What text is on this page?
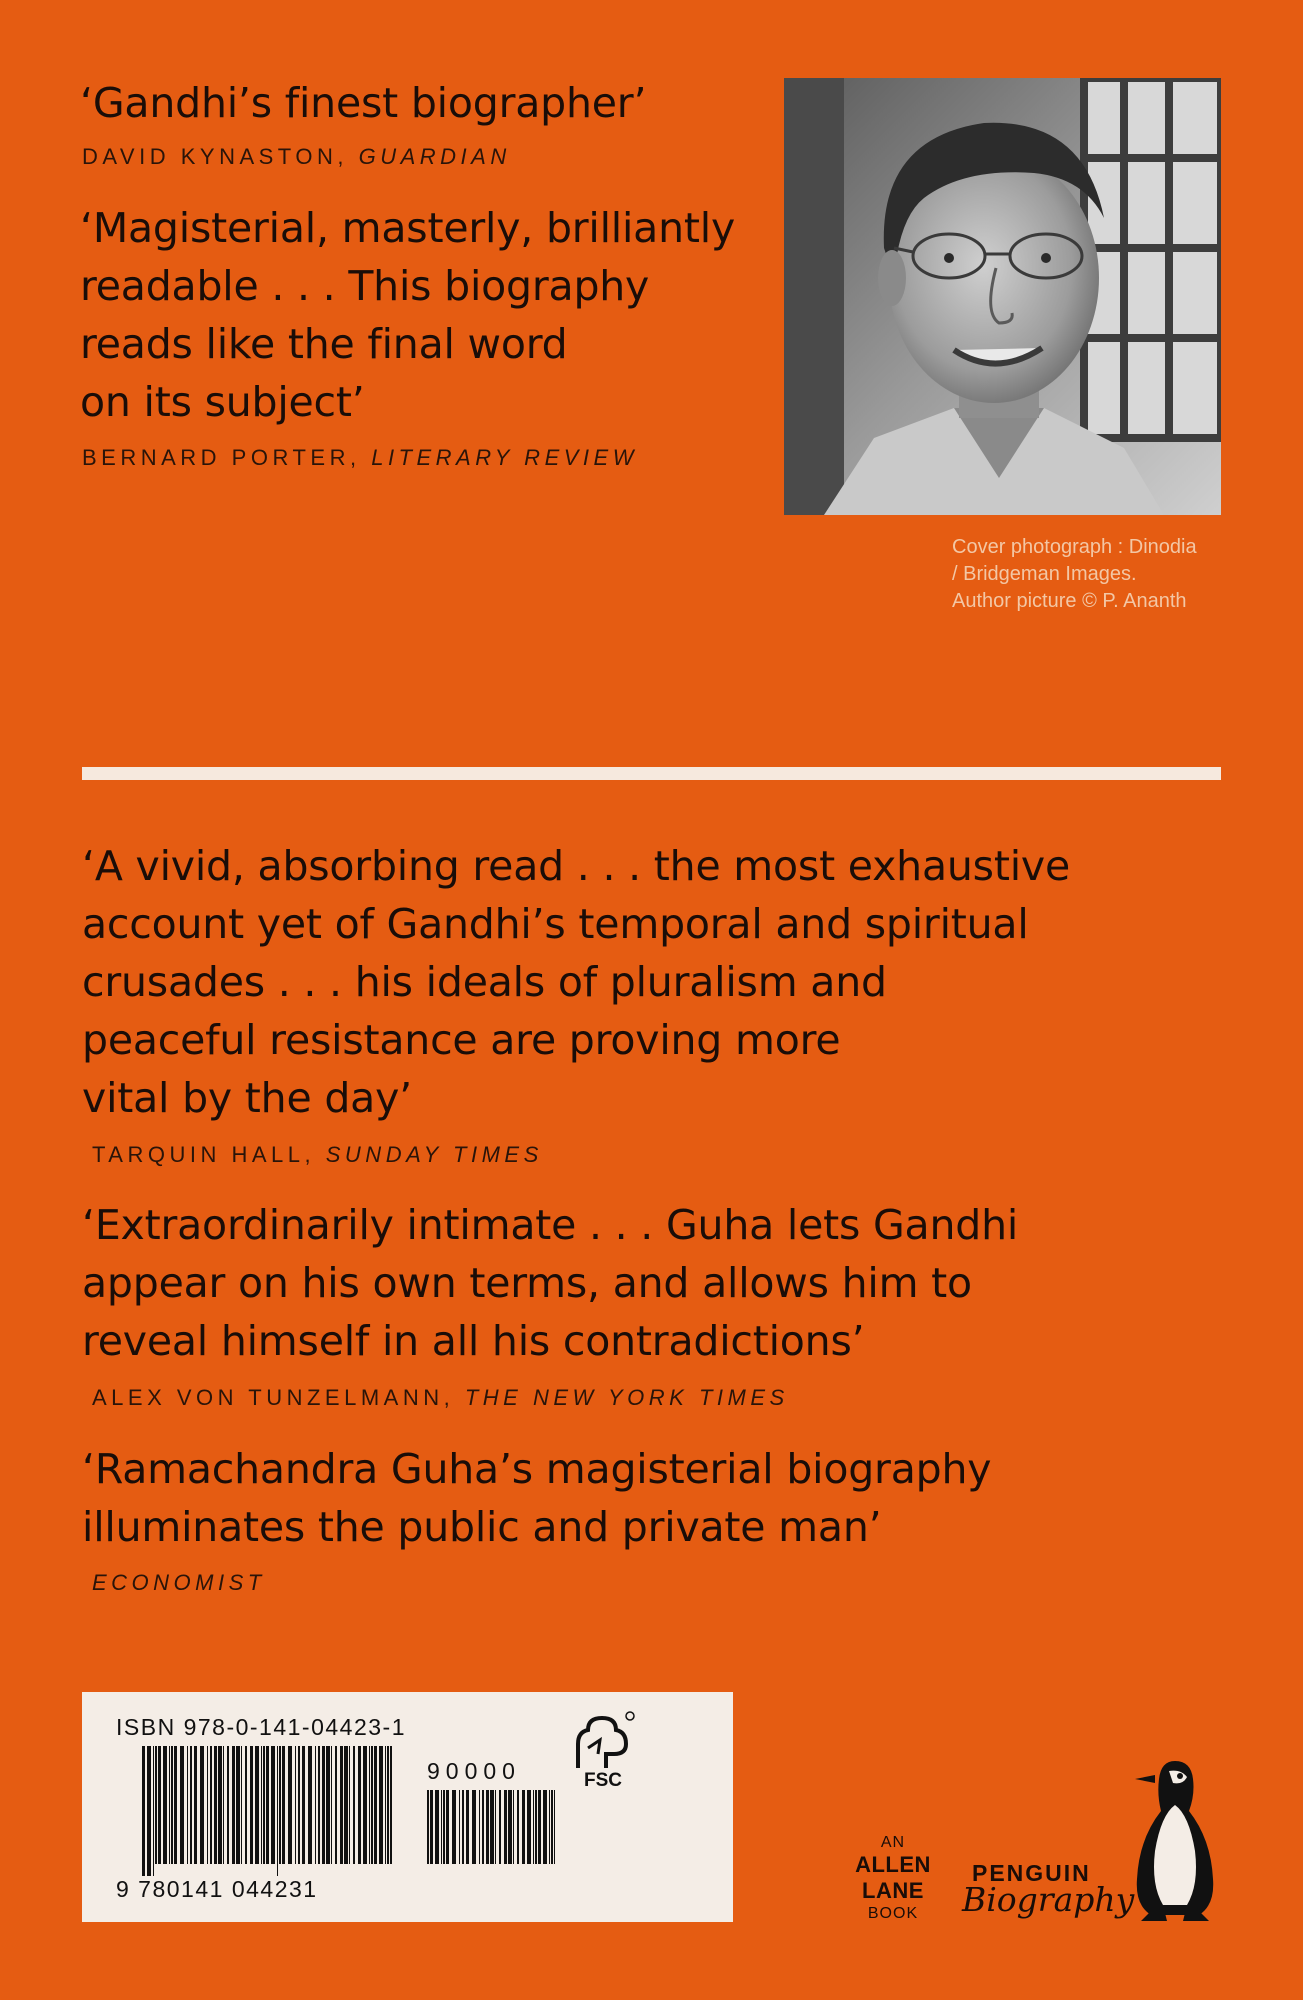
‘Gandhi’s finest biographer’
DAVID KYNASTON, GUARDIAN
‘Magisterial, masterly, brilliantly
readable . . . This biography
reads like the final word
on its subject’
BERNARD PORTER, LITERARY REVIEW
Cover photograph : Dinodia
/ Bridgeman Images.
Author picture © P. Ananth
‘A vivid, absorbing read . . . the most exhaustive
account yet of Gandhi’s temporal and spiritual
crusades . . . his ideals of pluralism and
peaceful resistance are proving more
vital by the day’
TARQUIN HALL, SUNDAY TIMES
‘Extraordinarily intimate . . . Guha lets Gandhi
appear on his own terms, and allows him to
reveal himself in all his contradictions’
ALEX VON TUNZELMANN, THE NEW YORK TIMES
‘Ramachandra Guha’s magisterial biography
illuminates the public and private man’
ECONOMIST
ISBN 978-0-141-04423-1
90000
9 780141 044231
FSC
AN
ALLEN
LANE
BOOK
PENGUIN
Biography
